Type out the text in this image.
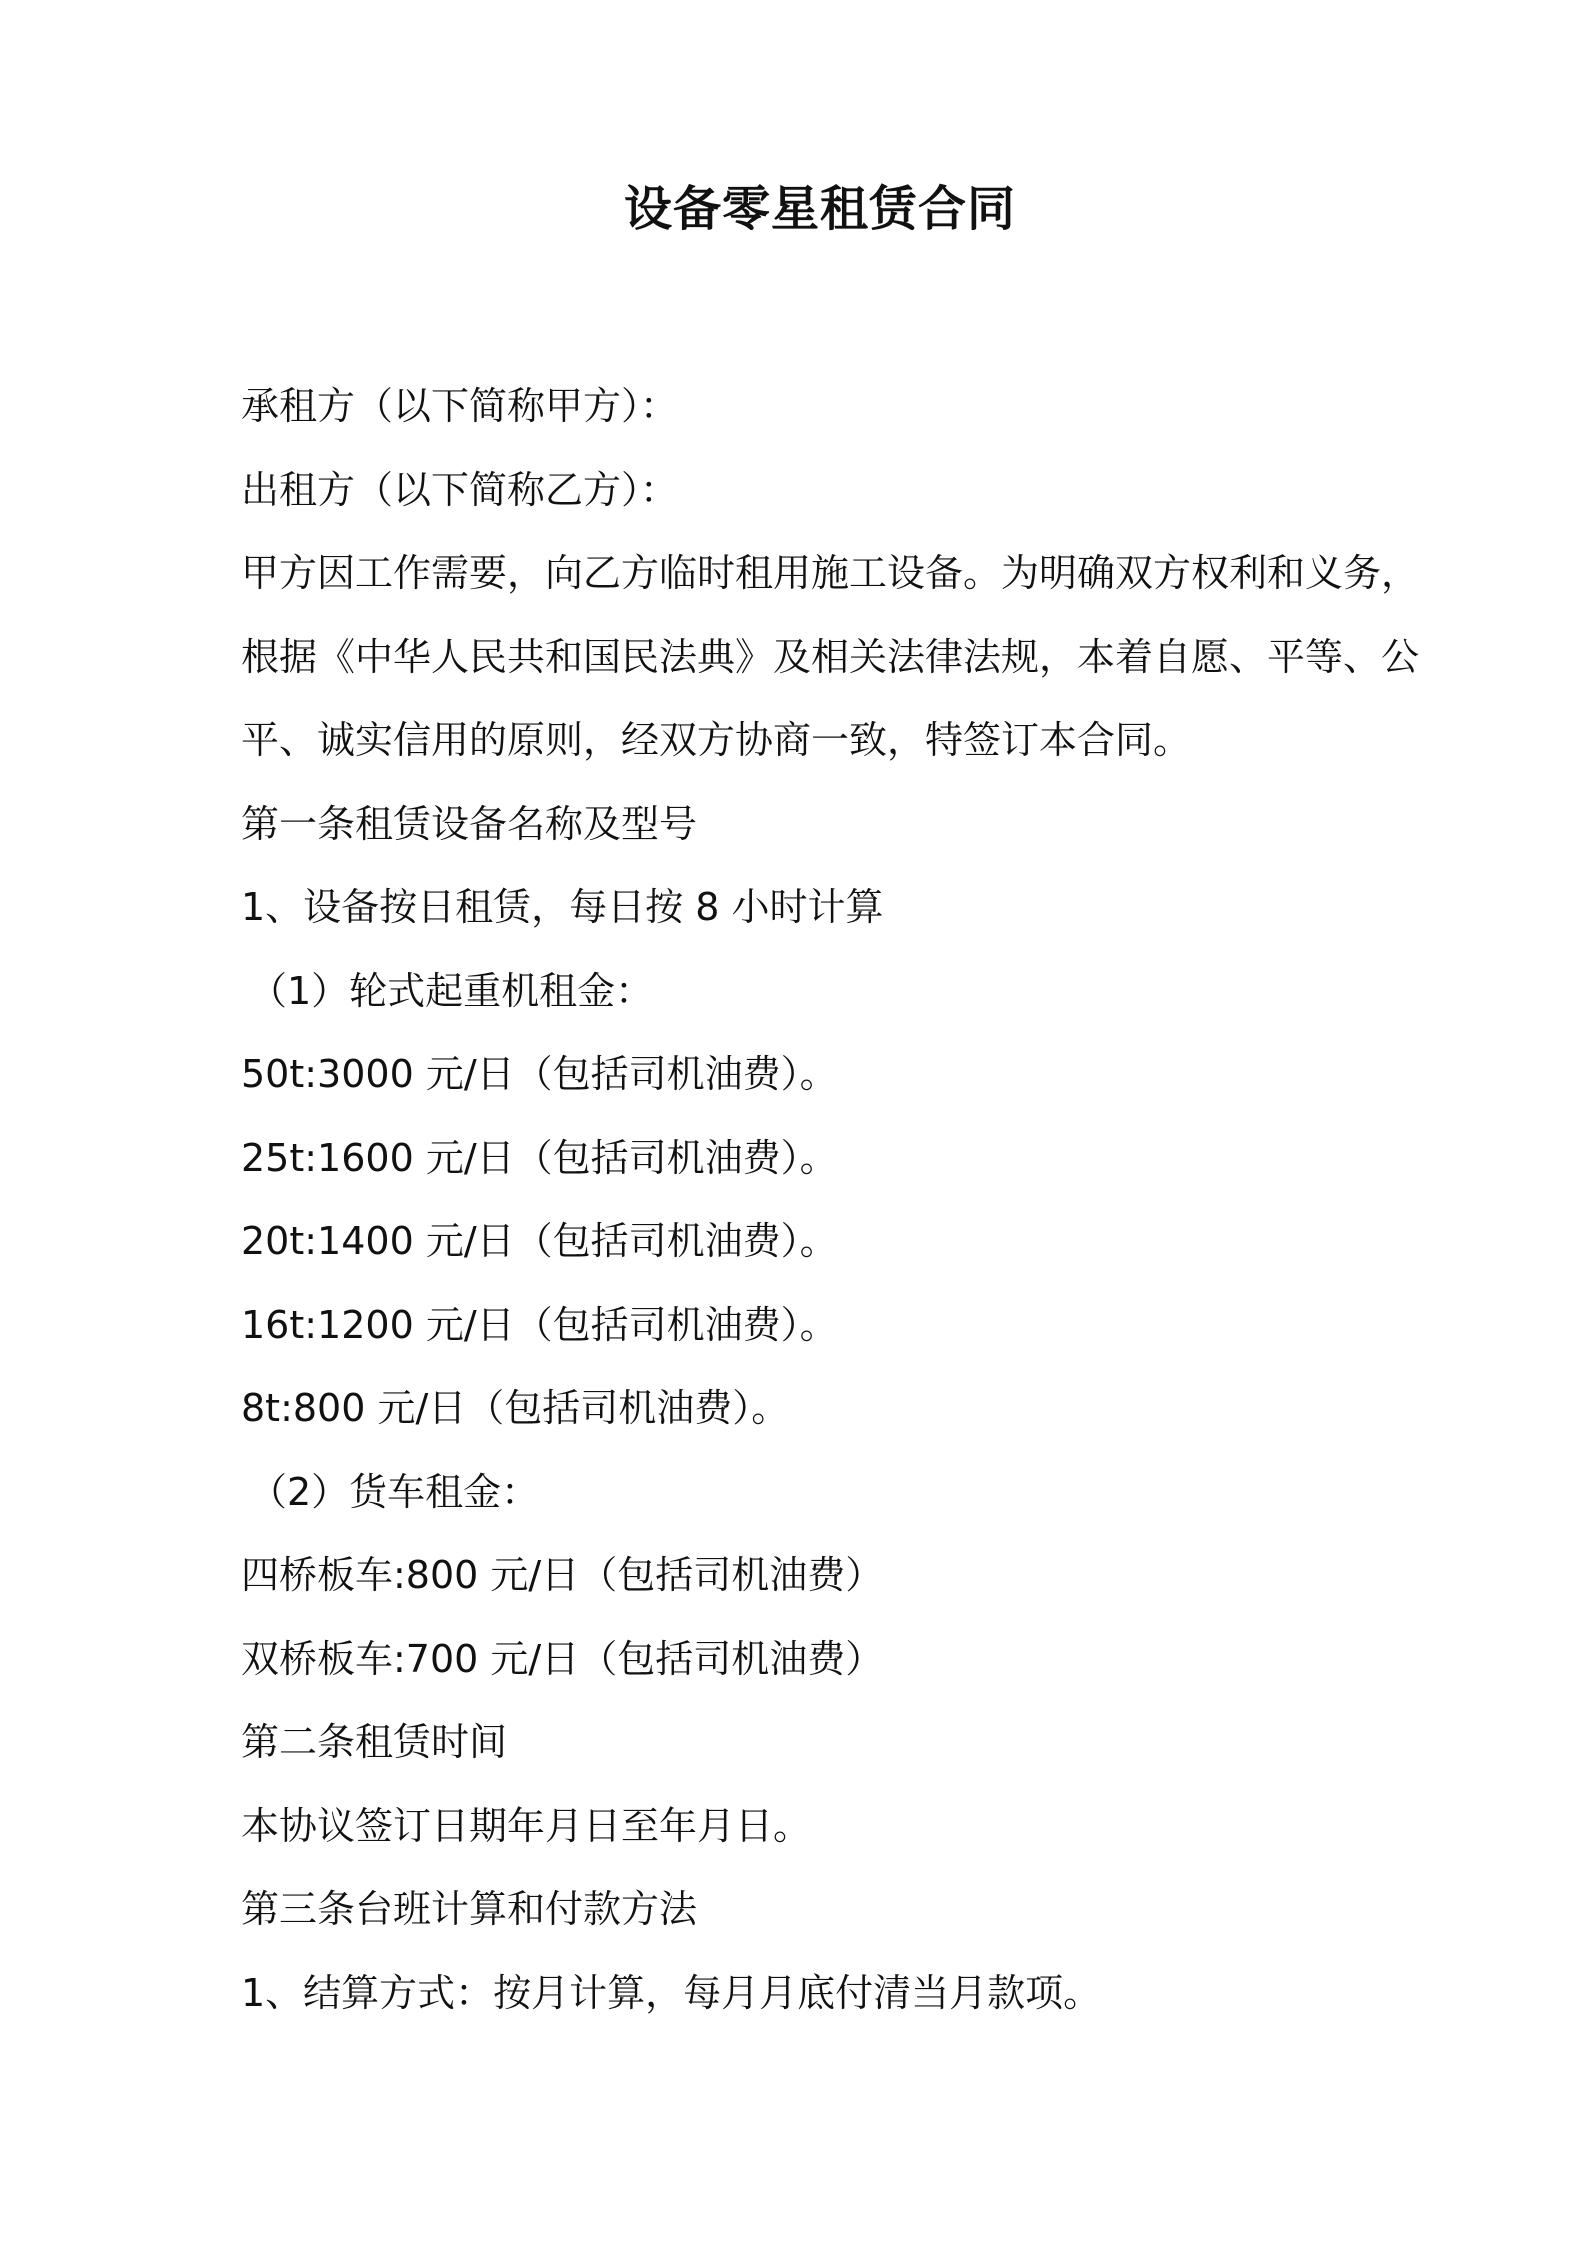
设备零星租赁合同
承租方（以下简称甲方）：
出租方（以下简称乙方）：
甲方因工作需要，向乙方临时租用施工设备。为明确双方权利和义务，
根据《中华人民共和国民法典》及相关法律法规，本着自愿、平等、公
平、诚实信用的原则，经双方协商一致，特签订本合同。
第一条租赁设备名称及型号
1、设备按日租赁，每日按 8 小时计算
（1）轮式起重机租金：
50t:3000 元/日（包括司机油费）。
25t:1600 元/日（包括司机油费）。
20t:1400 元/日（包括司机油费）。
16t:1200 元/日（包括司机油费）。
8t:800 元/日（包括司机油费）。
（2）货车租金：
四桥板车:800 元/日（包括司机油费）
双桥板车:700 元/日（包括司机油费）
第二条租赁时间
本协议签订日期年月日至年月日。
第三条台班计算和付款方法
1、结算方式：按月计算，每月月底付清当月款项。
